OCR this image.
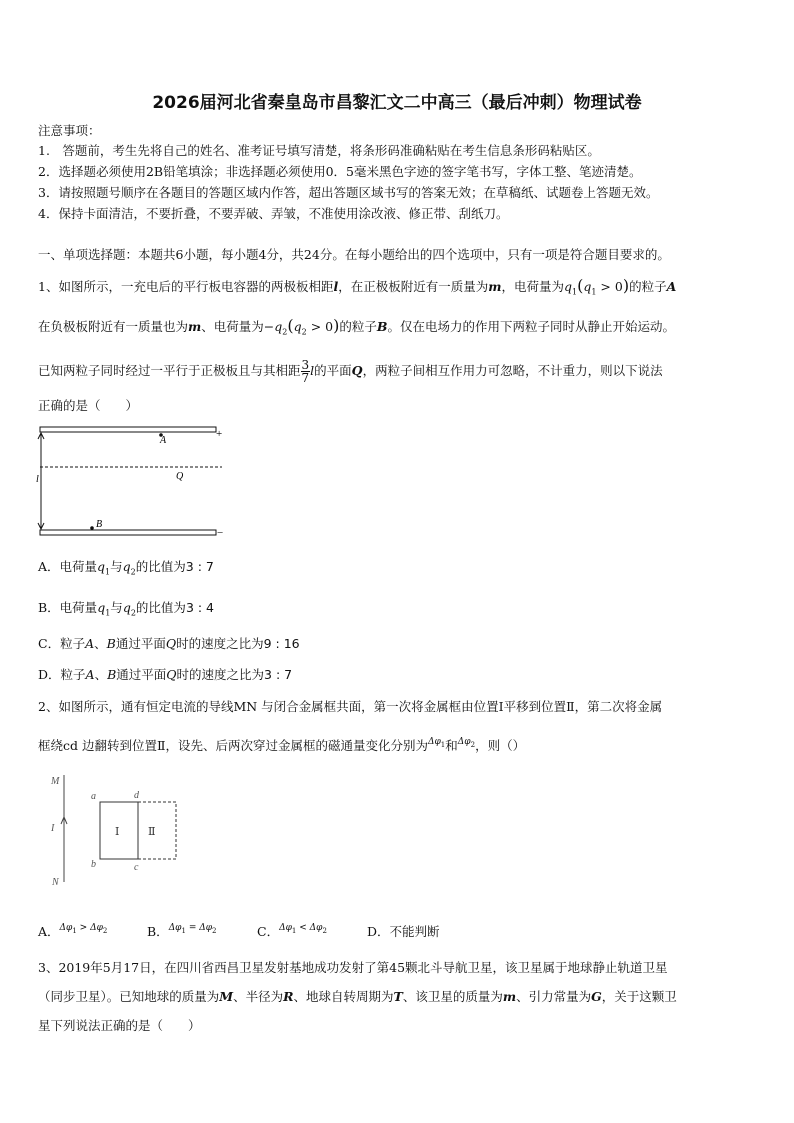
2026届河北省秦皇岛市昌黎汇文二中高三（最后冲刺）物理试卷
注意事项：
1.　答题前，考生先将自己的姓名、准考证号填写清楚，将条形码准确粘贴在考生信息条形码粘贴区。
2．选择题必须使用2B铅笔填涂；非选择题必须使用0．5毫米黑色字迹的签字笔书写，字体工整、笔迹清楚。
3．请按照题号顺序在各题目的答题区域内作答，超出答题区域书写的答案无效；在草稿纸、试题卷上答题无效。
4．保持卡面清洁，不要折叠，不要弄破、弄皱，不准使用涂改液、修正带、刮纸刀。
一、单项选择题：本题共6小题，每小题4分，共24分。在每小题给出的四个选项中，只有一项是符合题目要求的。
1、如图所示，一充电后的平行板电容器的两极板相距l，在正极板附近有一质量为m，电荷量为$q_1(q_1 > 0)$的粒子A
在负极板附近有一质量也为m、电荷量为$-q_2(q_2 > 0)$的粒子B。仅在电场力的作用下两粒子同时从静止开始运动。
已知两粒子同时经过一平行于正极板且与其相距 $\frac{3}{7}$ l的平面Q，两粒子间相互作用力可忽略，不计重力，则以下说法
正确的是（　　）
+
A
Q
l
−
B
A．电荷量$q_1$与$q_2$的比值为3 : 7
B．电荷量$q_1$与$q_2$的比值为3 : 4
C．粒子A、B通过平面Q时的速度之比为9 : 16
D．粒子A、B通过平面Q时的速度之比为3 : 7
2、如图所示，通有恒定电流的导线MN 与闭合金属框共面，第一次将金属框由位置Ⅰ平移到位置Ⅱ，第二次将金属
框绕cd 边翻转到位置Ⅱ，设先、后两次穿过金属框的磁通量变化分别为$^{\Delta\varphi_1}$和$^{\Delta\varphi_2}$，则（）
M
I
N
a	d
b	c
Ⅰ	Ⅱ
A．$^{\Delta\varphi_1 > \Delta\varphi_2}$	B．$^{\Delta\varphi_1 = \Delta\varphi_2}$	C．$^{\Delta\varphi_1 < \Delta\varphi_2}$	D．不能判断
3、2019年5月17日，在四川省西昌卫星发射基地成功发射了第45颗北斗导航卫星，该卫星属于地球静止轨道卫星
（同步卫星）。已知地球的质量为M、半径为R、地球自转周期为T、该卫星的质量为m、引力常量为G，关于这颗卫
星下列说法正确的是（　　）
